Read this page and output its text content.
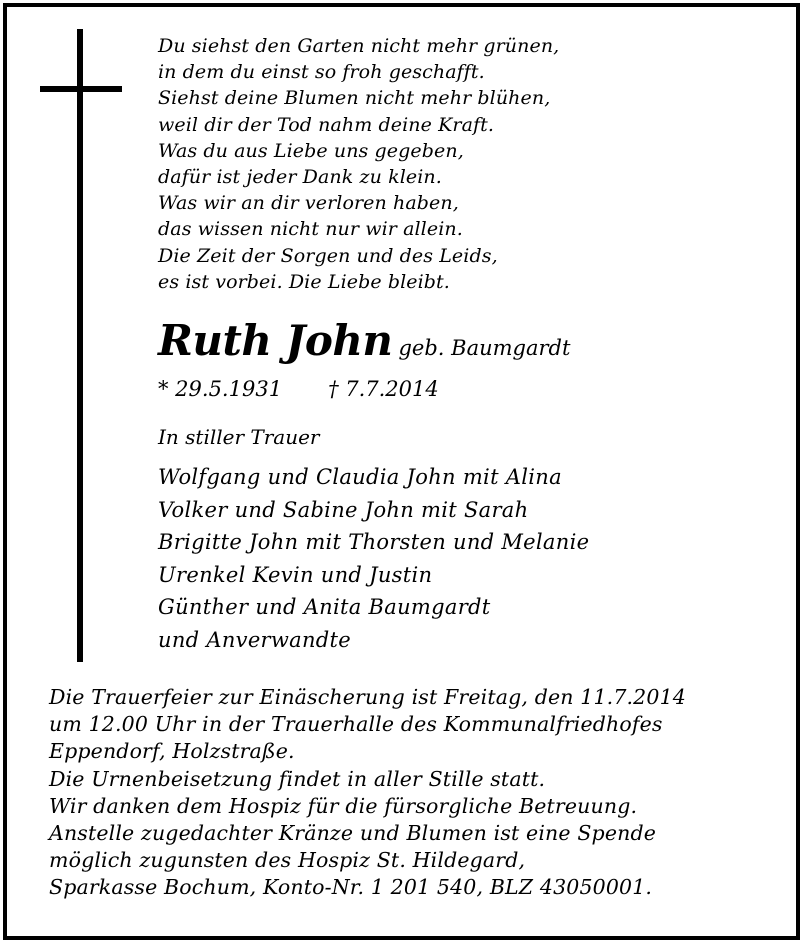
Du siehst den Garten nicht mehr grünen,
in dem du einst so froh geschafft.
Siehst deine Blumen nicht mehr blühen,
weil dir der Tod nahm deine Kraft.
Was du aus Liebe uns gegeben,
dafür ist jeder Dank zu klein.
Was wir an dir verloren haben,
das wissen nicht nur wir allein.
Die Zeit der Sorgen und des Leids,
es ist vorbei. Die Liebe bleibt.
Ruth John geb. Baumgardt
* 29.5.1931 † 7.7.2014
In stiller Trauer
Wolfgang und Claudia John mit Alina
Volker und Sabine John mit Sarah
Brigitte John mit Thorsten und Melanie
Urenkel Kevin und Justin
Günther und Anita Baumgardt
und Anverwandte
Die Trauerfeier zur Einäscherung ist Freitag, den 11.7.2014
um 12.00 Uhr in der Trauerhalle des Kommunalfriedhofes
Eppendorf, Holzstraße.
Die Urnenbeisetzung findet in aller Stille statt.
Wir danken dem Hospiz für die fürsorgliche Betreuung.
Anstelle zugedachter Kränze und Blumen ist eine Spende
möglich zugunsten des Hospiz St. Hildegard,
Sparkasse Bochum, Konto-Nr. 1 201 540, BLZ 43050001.
